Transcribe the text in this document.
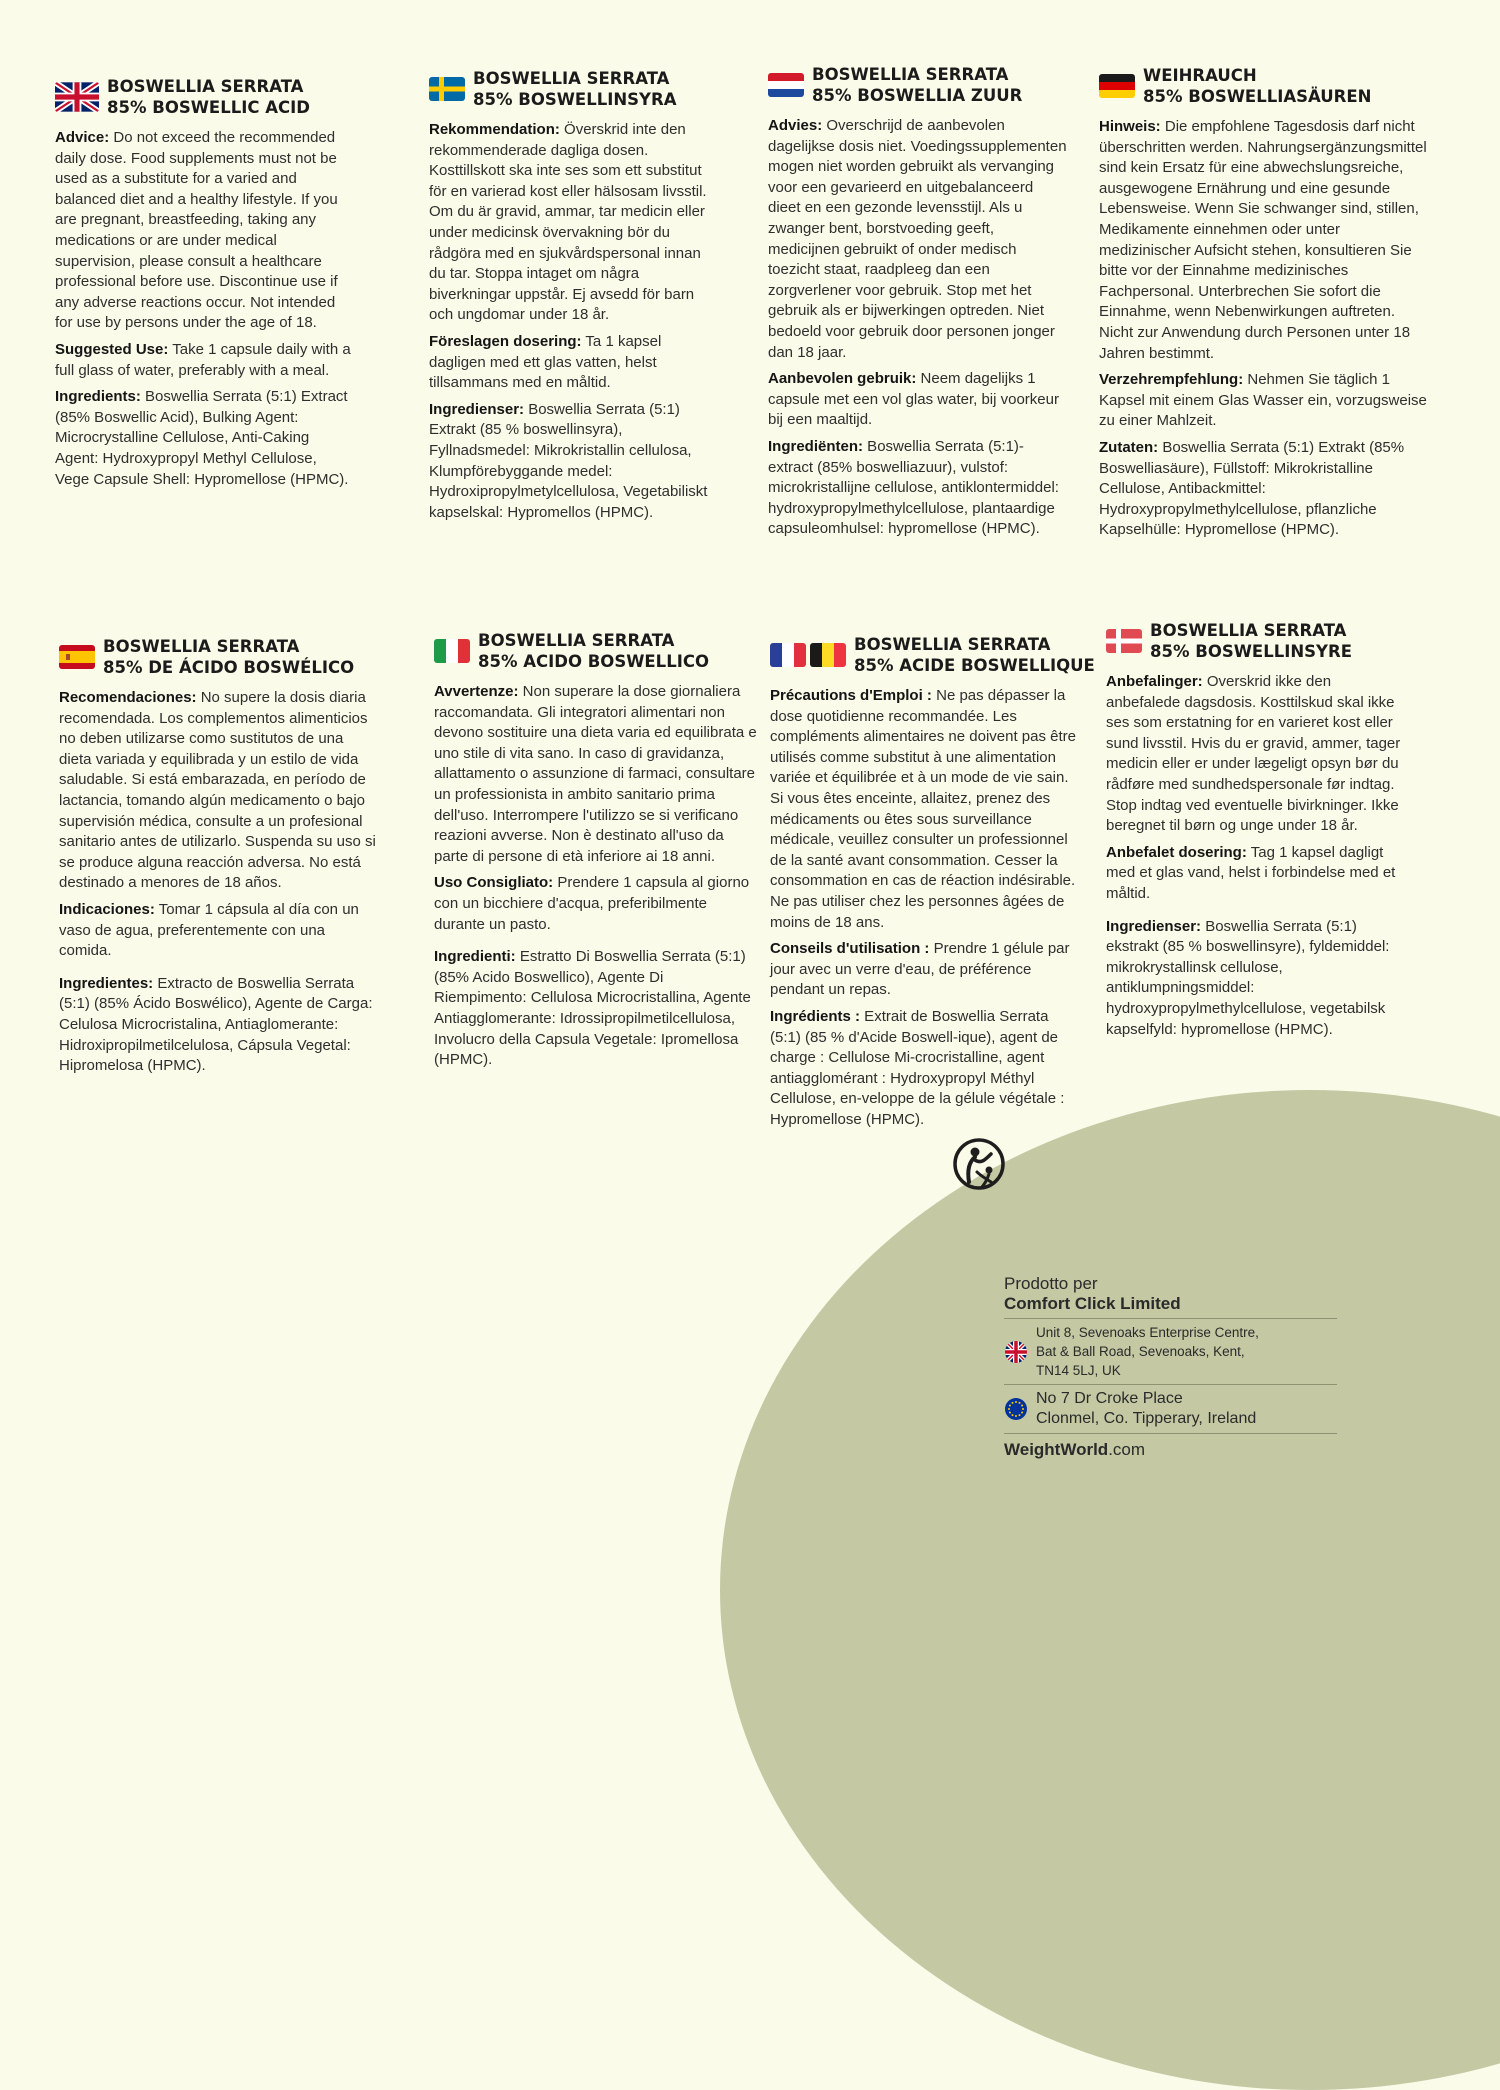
BOSWELLIA SERRATA
85% BOSWELLIC ACID

Advice: Do not exceed the recommended daily dose. Food supplements must not be used as a substitute for a varied and balanced diet and a healthy lifestyle. If you are pregnant, breastfeeding, taking any medications or are under medical supervision, please consult a healthcare professional before use. Discontinue use if any adverse reactions occur. Not intended for use by persons under the age of 18.

Suggested Use: Take 1 capsule daily with a full glass of water, preferably with a meal.

Ingredients: Boswellia Serrata (5:1) Extract (85% Boswellic Acid), Bulking Agent: Microcrystalline Cellulose, Anti-Caking Agent: Hydroxypropyl Methyl Cellulose, Vege Capsule Shell: Hypromellose (HPMC).

BOSWELLIA SERRATA
85% BOSWELLINSYRA

Rekommendation: Överskrid inte den rekommenderade dagliga dosen. Kosttillskott ska inte ses som ett substitut för en varierad kost eller hälsosam livsstil. Om du är gravid, ammar, tar medicin eller under medicinsk övervakning bör du rådgöra med en sjukvårdspersonal innan du tar. Stoppa intaget om några biverkningar uppstår. Ej avsedd för barn och ungdomar under 18 år.

Föreslagen dosering: Ta 1 kapsel dagligen med ett glas vatten, helst tillsammans med en måltid.

Ingredienser: Boswellia Serrata (5:1) Extrakt (85 % boswellinsyra), Fyllnadsmedel: Mikrokristallin cellulosa, Klumpförebyggande medel: Hydroxipropylmetylcellulosa, Vegetabiliskt kapselskal: Hypromellos (HPMC).

BOSWELLIA SERRATA
85% BOSWELLIA ZUUR

Advies: Overschrijd de aanbevolen dagelijkse dosis niet. Voedingssupplementen mogen niet worden gebruikt als vervanging voor een gevarieerd en uitgebalanceerd dieet en een gezonde levensstijl. Als u zwanger bent, borstvoeding geeft, medicijnen gebruikt of onder medisch toezicht staat, raadpleeg dan een zorgverlener voor gebruik. Stop met het gebruik als er bijwerkingen optreden. Niet bedoeld voor gebruik door personen jonger dan 18 jaar.

Aanbevolen gebruik: Neem dagelijks 1 capsule met een vol glas water, bij voorkeur bij een maaltijd.

Ingrediënten: Boswellia Serrata (5:1)-extract (85% boswelliazuur), vulstof: microkristallijne cellulose, antiklontermiddel: hydroxypropylmethylcellulose, plantaardige capsuleomhulsel: hypromellose (HPMC).

WEIHRAUCH
85% BOSWELLIASÄUREN

Hinweis: Die empfohlene Tagesdosis darf nicht überschritten werden. Nahrungsergänzungsmittel sind kein Ersatz für eine abwechslungsreiche, ausgewogene Ernährung und eine gesunde Lebensweise. Wenn Sie schwanger sind, stillen, Medikamente einnehmen oder unter medizinischer Aufsicht stehen, konsultieren Sie bitte vor der Einnahme medizinisches Fachpersonal. Unterbrechen Sie sofort die Einnahme, wenn Nebenwirkungen auftreten. Nicht zur Anwendung durch Personen unter 18 Jahren bestimmt.

Verzehrempfehlung: Nehmen Sie täglich 1 Kapsel mit einem Glas Wasser ein, vorzugsweise zu einer Mahlzeit.

Zutaten: Boswellia Serrata (5:1) Extrakt (85% Boswelliasäure), Füllstoff: Mikrokristalline Cellulose, Antibackmittel: Hydroxypropylmethylcellulose, pflanzliche Kapselhülle: Hypromellose (HPMC).

BOSWELLIA SERRATA
85% DE ÁCIDO BOSWÉLICO

Recomendaciones: No supere la dosis diaria recomendada. Los complementos alimenticios no deben utilizarse como sustitutos de una dieta variada y equilibrada y un estilo de vida saludable. Si está embarazada, en período de lactancia, tomando algún medicamento o bajo supervisión médica, consulte a un profesional sanitario antes de utilizarlo. Suspenda su uso si se produce alguna reacción adversa. No está destinado a menores de 18 años.

Indicaciones: Tomar 1 cápsula al día con un vaso de agua, preferentemente con una comida.

Ingredientes: Extracto de Boswellia Serrata (5:1) (85% Ácido Boswélico), Agente de Carga: Celulosa Microcristalina, Antiaglomerante: Hidroxipropilmetilcelulosa, Cápsula Vegetal: Hipromelosa (HPMC).

BOSWELLIA SERRATA
85% ACIDO BOSWELLICO

Avvertenze: Non superare la dose giornaliera raccomandata. Gli integratori alimentari non devono sostituire una dieta varia ed equilibrata e uno stile di vita sano. In caso di gravidanza, allattamento o assunzione di farmaci, consultare un professionista in ambito sanitario prima dell'uso. Interrompere l'utilizzo se si verificano reazioni avverse. Non è destinato all'uso da parte di persone di età inferiore ai 18 anni.

Uso Consigliato: Prendere 1 capsula al giorno con un bicchiere d'acqua, preferibilmente durante un pasto.

Ingredienti: Estratto Di Boswellia Serrata (5:1) (85% Acido Boswellico), Agente Di Riempimento: Cellulosa Microcristallina, Agente Antiagglomerante: Idrossipropilmetilcellulosa, Involucro della Capsula Vegetale: Ipromellosa (HPMC).

BOSWELLIA SERRATA
85% ACIDE BOSWELLIQUE

Précautions d'Emploi : Ne pas dépasser la dose quotidienne recommandée. Les compléments alimentaires ne doivent pas être utilisés comme substitut à une alimentation variée et équilibrée et à un mode de vie sain. Si vous êtes enceinte, allaitez, prenez des médicaments ou êtes sous surveillance médicale, veuillez consulter un professionnel de la santé avant consommation. Cesser la consommation en cas de réaction indésirable. Ne pas utiliser chez les personnes âgées de moins de 18 ans.

Conseils d'utilisation : Prendre 1 gélule par jour avec un verre d'eau, de préférence pendant un repas.

Ingrédients : Extrait de Boswellia Serrata (5:1) (85 % d'Acide Boswell-ique), agent de charge : Cellulose Mi-crocristalline, agent antiagglomérant : Hydroxypropyl Méthyl Cellulose, en-veloppe de la gélule végétale : Hypromellose (HPMC).

BOSWELLIA SERRATA
85% BOSWELLINSYRE

Anbefalinger: Overskrid ikke den anbefalede dagsdosis. Kosttilskud skal ikke ses som erstatning for en varieret kost eller sund livsstil. Hvis du er gravid, ammer, tager medicin eller er under lægeligt opsyn bør du rådføre med sundhedspersonale før indtag. Stop indtag ved eventuelle bivirkninger. Ikke beregnet til børn og unge under 18 år.

Anbefalet dosering: Tag 1 kapsel dagligt med et glas vand, helst i forbindelse med et måltid.

Ingredienser: Boswellia Serrata (5:1) ekstrakt (85 % boswellinsyre), fyldemiddel: mikrokrystallinsk cellulose, antiklumpningsmiddel: hydroxypropylmethylcellulose, vegetabilsk kapselfyld: hypromellose (HPMC).

Prodotto per
Comfort Click Limited
Unit 8, Sevenoaks Enterprise Centre,
Bat & Ball Road, Sevenoaks, Kent,
TN14 5LJ, UK
No 7 Dr Croke Place
Clonmel, Co. Tipperary, Ireland
WeightWorld.com
